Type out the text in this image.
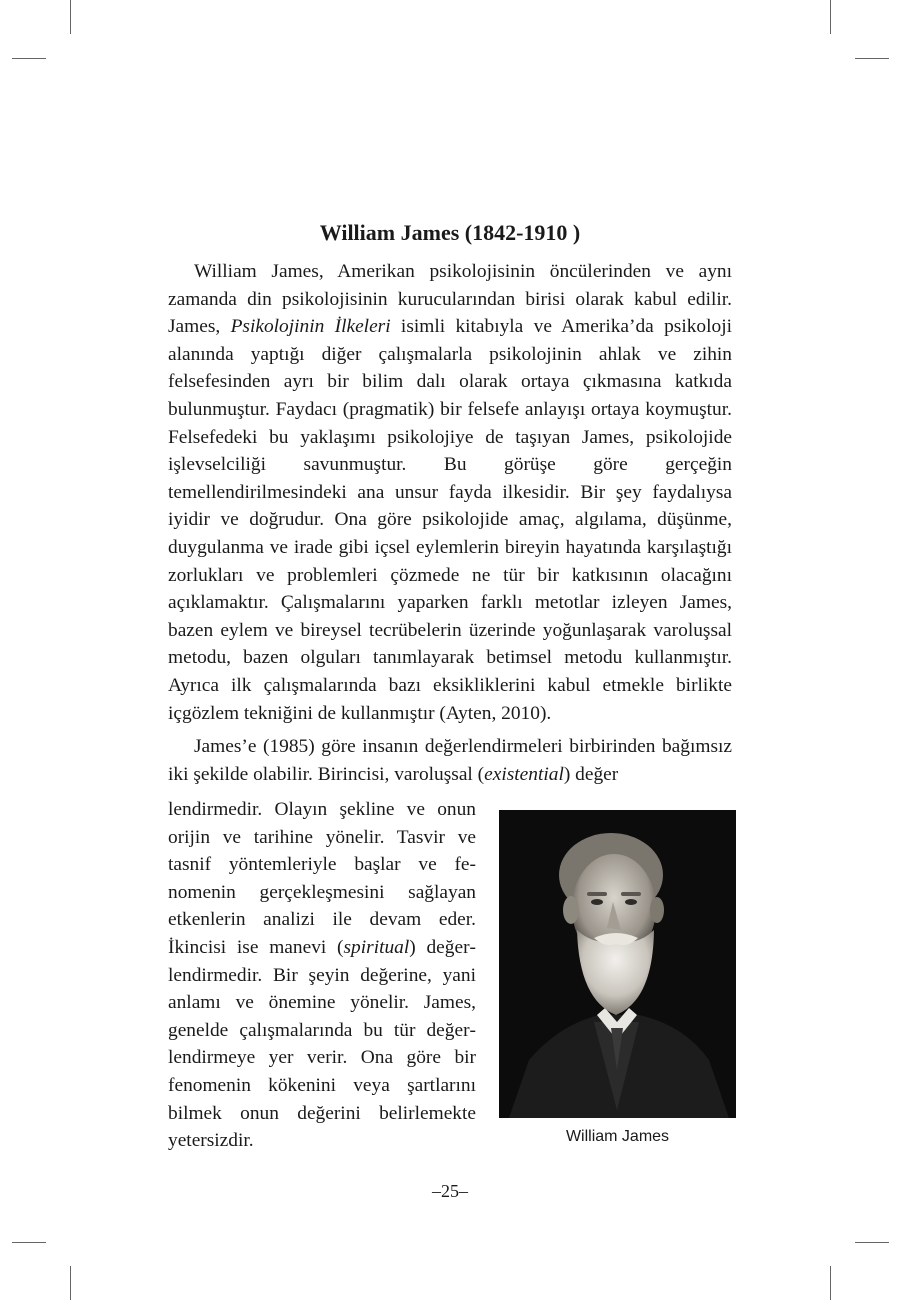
William James (1842-1910 )

William James, Amerikan psikolojisinin öncülerinden ve aynı zamanda din psikolojisinin kurucularından birisi olarak kabul edilir. James, Psikolojinin İlkeleri isimli kitabıyla ve Amerika’da psikoloji alanında yaptığı diğer çalışmalarla psikolojinin ahlak ve zihin felsefesinden ayrı bir bilim dalı olarak ortaya çıkmasına katkıda bulunmuştur. Faydacı (pragmatik) bir felsefe anlayışı ortaya koymuştur. Felsefedeki bu yaklaşımı psikolojiye de taşıyan James, psikolojide işlevselciliği savunmuştur. Bu görüşe göre gerçeğin temellendirilmesindeki ana unsur fayda ilkesidir. Bir şey faydalıysa iyidir ve doğrudur. Ona göre psikolojide amaç, algılama, düşünme, duygulanma ve irade gibi içsel eylemlerin bireyin hayatında karşılaştığı zorlukları ve problemleri çözmede ne tür bir katkısının olacağını açıklamaktır. Çalışmalarını yaparken farklı metotlar izleyen James, bazen eylem ve bireysel tecrübelerin üzerinde yoğunlaşarak varoluşsal metodu, bazen olguları tanımlayarak betimsel metodu kullanmıştır. Ayrıca ilk çalışmalarında bazı eksikliklerini kabul etmekle birlikte içgözlem tekniğini de kullanmıştır (Ayten, 2010).

James’e (1985) göre insanın değerlendirmeleri birbirinden bağımsız iki şekilde olabilir. Birincisi, varoluşsal (existential) değer

lendirmedir. Olayın şekline ve onun orijin ve tarihine yönelir. Tasvir ve tasnif yöntemleriyle başlar ve fenomenin gerçekleşmesini sağlayan etkenlerin analizi ile devam eder. İkincisi ise manevi (spiritual) değerlendirmedir. Bir şeyin değerine, yani anlamı ve önemine yönelir. James, genelde çalışmalarında bu tür değerlendirmeye yer verir. Ona göre bir fenomenin kökenini veya şartlarını bilmek onun değerini belirlemekte yetersizdir.	William James
–25–
